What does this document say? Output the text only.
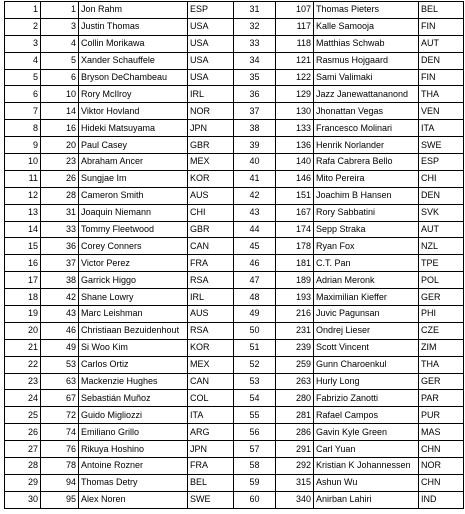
1	1	Jon Rahm	ESP	31	107	Thomas Pieters	BEL
2	3	Justin Thomas	USA	32	117	Kalle Samooja	FIN
3	4	Collin Morikawa	USA	33	118	Matthias Schwab	AUT
4	5	Xander Schauffele	USA	34	121	Rasmus Hojgaard	DEN
5	6	Bryson DeChambeau	USA	35	122	Sami Valimaki	FIN
6	10	Rory McIlroy	IRL	36	129	Jazz Janewattananond	THA
7	14	Viktor Hovland	NOR	37	130	Jhonattan Vegas	VEN
8	16	Hideki Matsuyama	JPN	38	133	Francesco Molinari	ITA
9	20	Paul Casey	GBR	39	136	Henrik Norlander	SWE
10	23	Abraham Ancer	MEX	40	140	Rafa Cabrera Bello	ESP
11	26	Sungjae Im	KOR	41	146	Mito Pereira	CHI
12	28	Cameron Smith	AUS	42	151	Joachim B Hansen	DEN
13	31	Joaquin Niemann	CHI	43	167	Rory Sabbatini	SVK
14	33	Tommy Fleetwood	GBR	44	174	Sepp Straka	AUT
15	36	Corey Conners	CAN	45	178	Ryan Fox	NZL
16	37	Victor Perez	FRA	46	181	C.T. Pan	TPE
17	38	Garrick Higgo	RSA	47	189	Adrian Meronk	POL
18	42	Shane Lowry	IRL	48	193	Maximilian Kieffer	GER
19	43	Marc Leishman	AUS	49	216	Juvic Pagunsan	PHI
20	46	Christiaan Bezuidenhout	RSA	50	231	Ondrej Lieser	CZE
21	49	Si Woo Kim	KOR	51	239	Scott Vincent	ZIM
22	53	Carlos Ortiz	MEX	52	259	Gunn Charoenkul	THA
23	63	Mackenzie Hughes	CAN	53	263	Hurly Long	GER
24	67	Sebastián Muñoz	COL	54	280	Fabrizio Zanotti	PAR
25	72	Guido Migliozzi	ITA	55	281	Rafael Campos	PUR
26	74	Emiliano Grillo	ARG	56	286	Gavin Kyle Green	MAS
27	76	Rikuya Hoshino	JPN	57	291	Carl Yuan	CHN
28	78	Antoine Rozner	FRA	58	292	Kristian K Johannessen	NOR
29	94	Thomas Detry	BEL	59	315	Ashun Wu	CHN
30	95	Alex Noren	SWE	60	340	Anirban Lahiri	IND
